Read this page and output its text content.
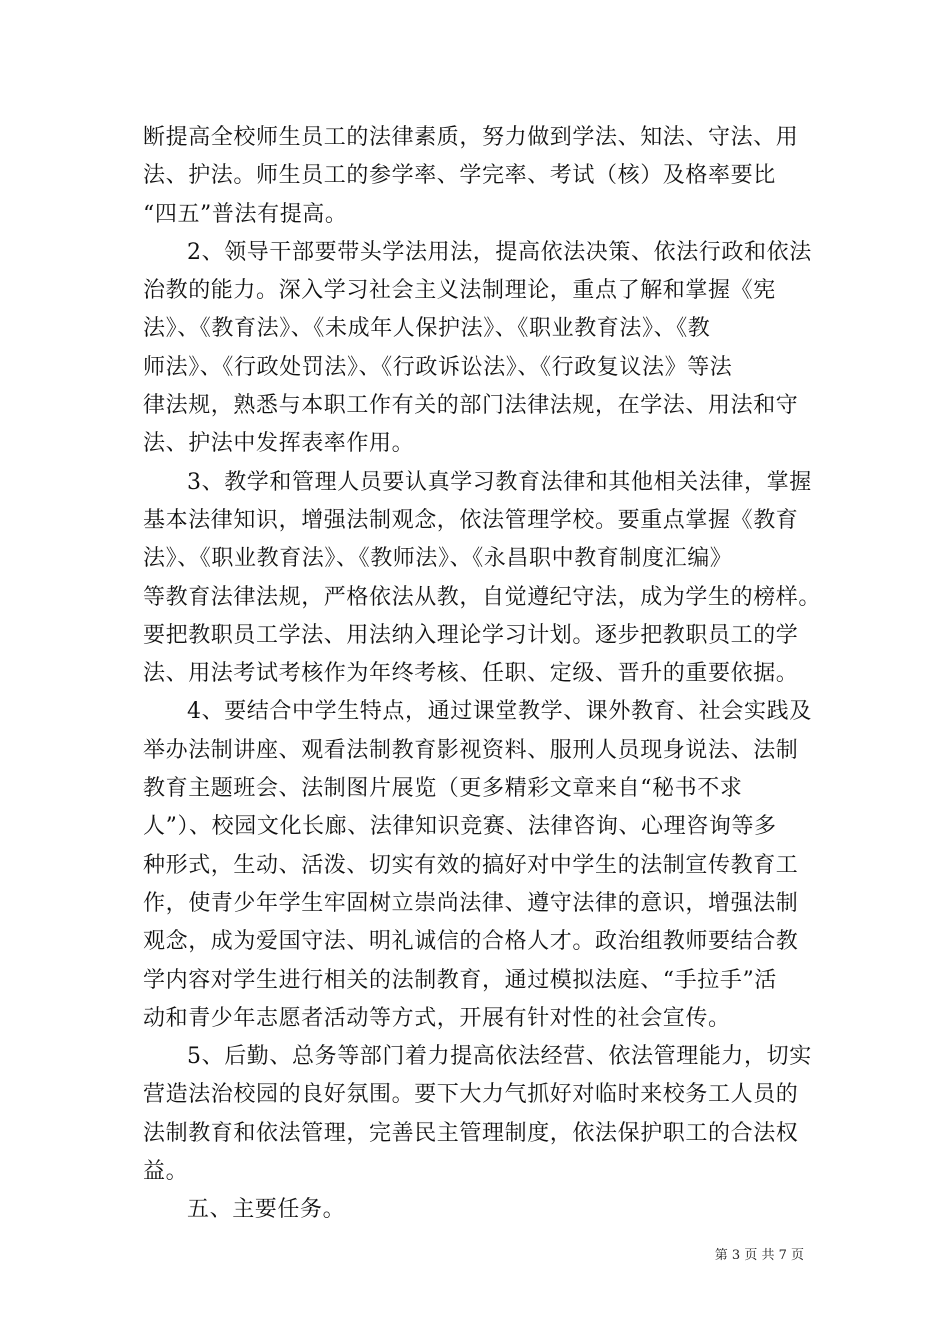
断提高全校师生员工的法律素质，努力做到学法、知法、守法、用
法、护法。师生员工的参学率、学完率、考试（核）及格率要比
“四五”普法有提高。
2、领导干部要带头学法用法，提高依法决策、依法行政和依法
治教的能力。深入学习社会主义法制理论，重点了解和掌握《宪
法》、《教育法》、《未成年人保护法》、《职业教育法》、《教
师法》、《行政处罚法》、《行政诉讼法》、《行政复议法》等法
律法规，熟悉与本职工作有关的部门法律法规，在学法、用法和守
法、护法中发挥表率作用。
3、教学和管理人员要认真学习教育法律和其他相关法律，掌握
基本法律知识，增强法制观念，依法管理学校。要重点掌握《教育
法》、《职业教育法》、《教师法》、《永昌职中教育制度汇编》
等教育法律法规，严格依法从教，自觉遵纪守法，成为学生的榜样。
要把教职员工学法、用法纳入理论学习计划。逐步把教职员工的学
法、用法考试考核作为年终考核、任职、定级、晋升的重要依据。
4、要结合中学生特点，通过课堂教学、课外教育、社会实践及
举办法制讲座、观看法制教育影视资料、服刑人员现身说法、法制
教育主题班会、法制图片展览（更多精彩文章来自“秘书不求
人”）、校园文化长廊、法律知识竞赛、法律咨询、心理咨询等多
种形式，生动、活泼、切实有效的搞好对中学生的法制宣传教育工
作，使青少年学生牢固树立崇尚法律、遵守法律的意识，增强法制
观念，成为爱国守法、明礼诚信的合格人才。政治组教师要结合教
学内容对学生进行相关的法制教育，通过模拟法庭、“手拉手”活
动和青少年志愿者活动等方式，开展有针对性的社会宣传。
5、后勤、总务等部门着力提高依法经营、依法管理能力，切实
营造法治校园的良好氛围。要下大力气抓好对临时来校务工人员的
法制教育和依法管理，完善民主管理制度，依法保护职工的合法权
益。
五、主要任务。
第 3 页 共 7 页
